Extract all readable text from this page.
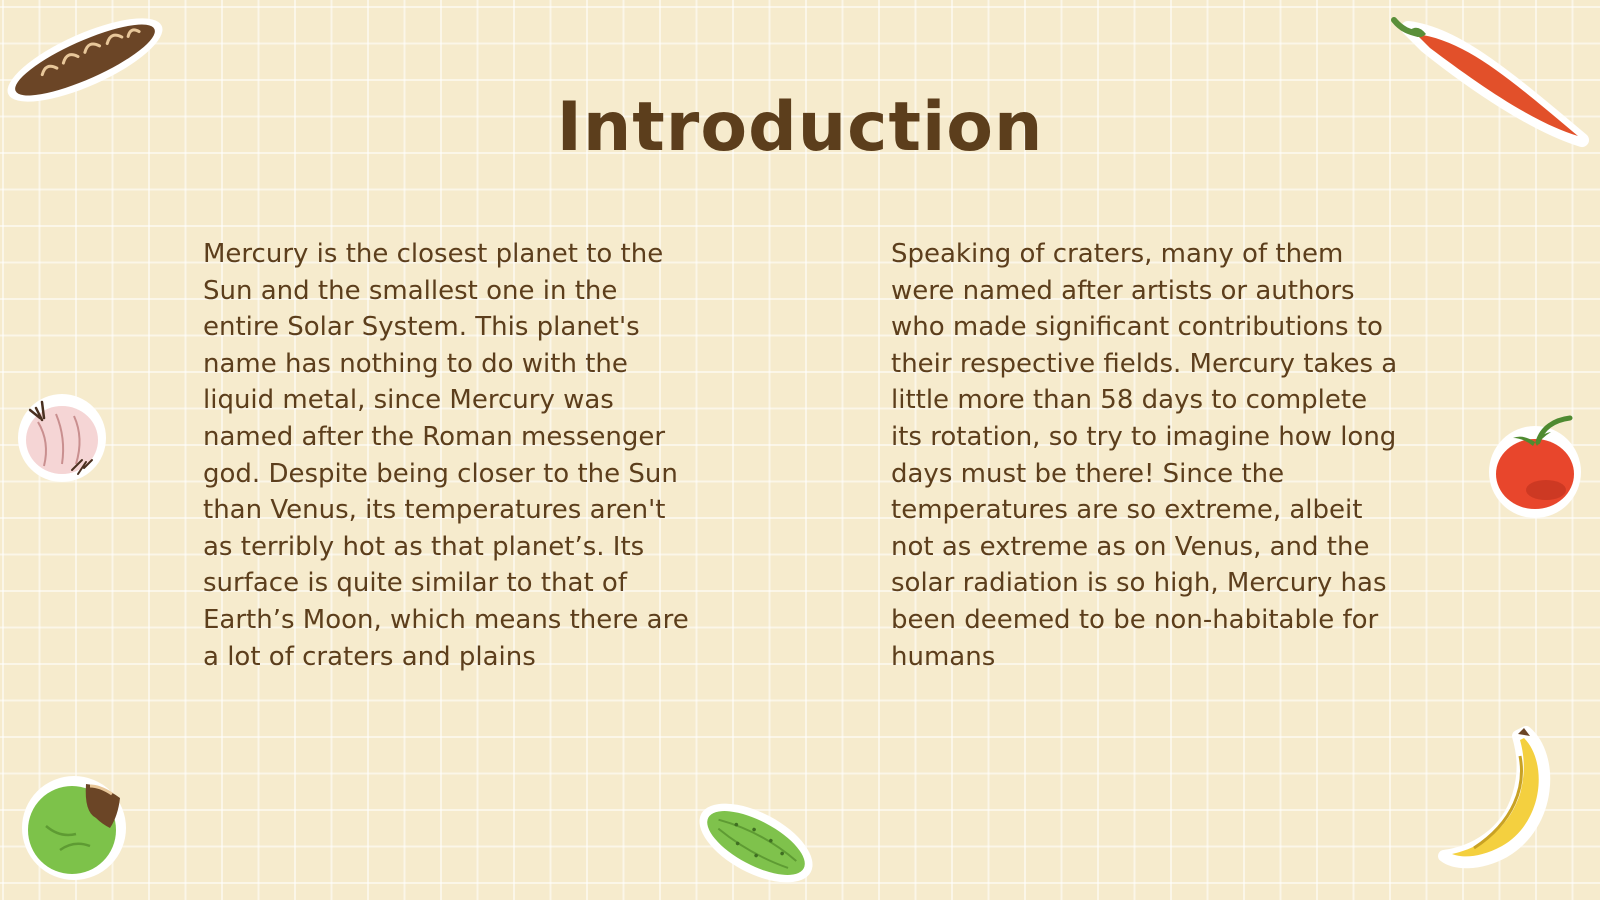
Introduction

Mercury is the closest planet to the Sun and the smallest one in the entire Solar System. This planet's name has nothing to do with the liquid metal, since Mercury was named after the Roman messenger god. Despite being closer to the Sun than Venus, its temperatures aren't as terribly hot as that planet’s. Its surface is quite similar to that of Earth’s Moon, which means there are a lot of craters and plains

Speaking of craters, many of them were named after artists or authors who made significant contributions to their respective fields. Mercury takes a little more than 58 days to complete its rotation, so try to imagine how long days must be there! Since the temperatures are so extreme, albeit not as extreme as on Venus, and the solar radiation is so high, Mercury has been deemed to be non-habitable for humans
